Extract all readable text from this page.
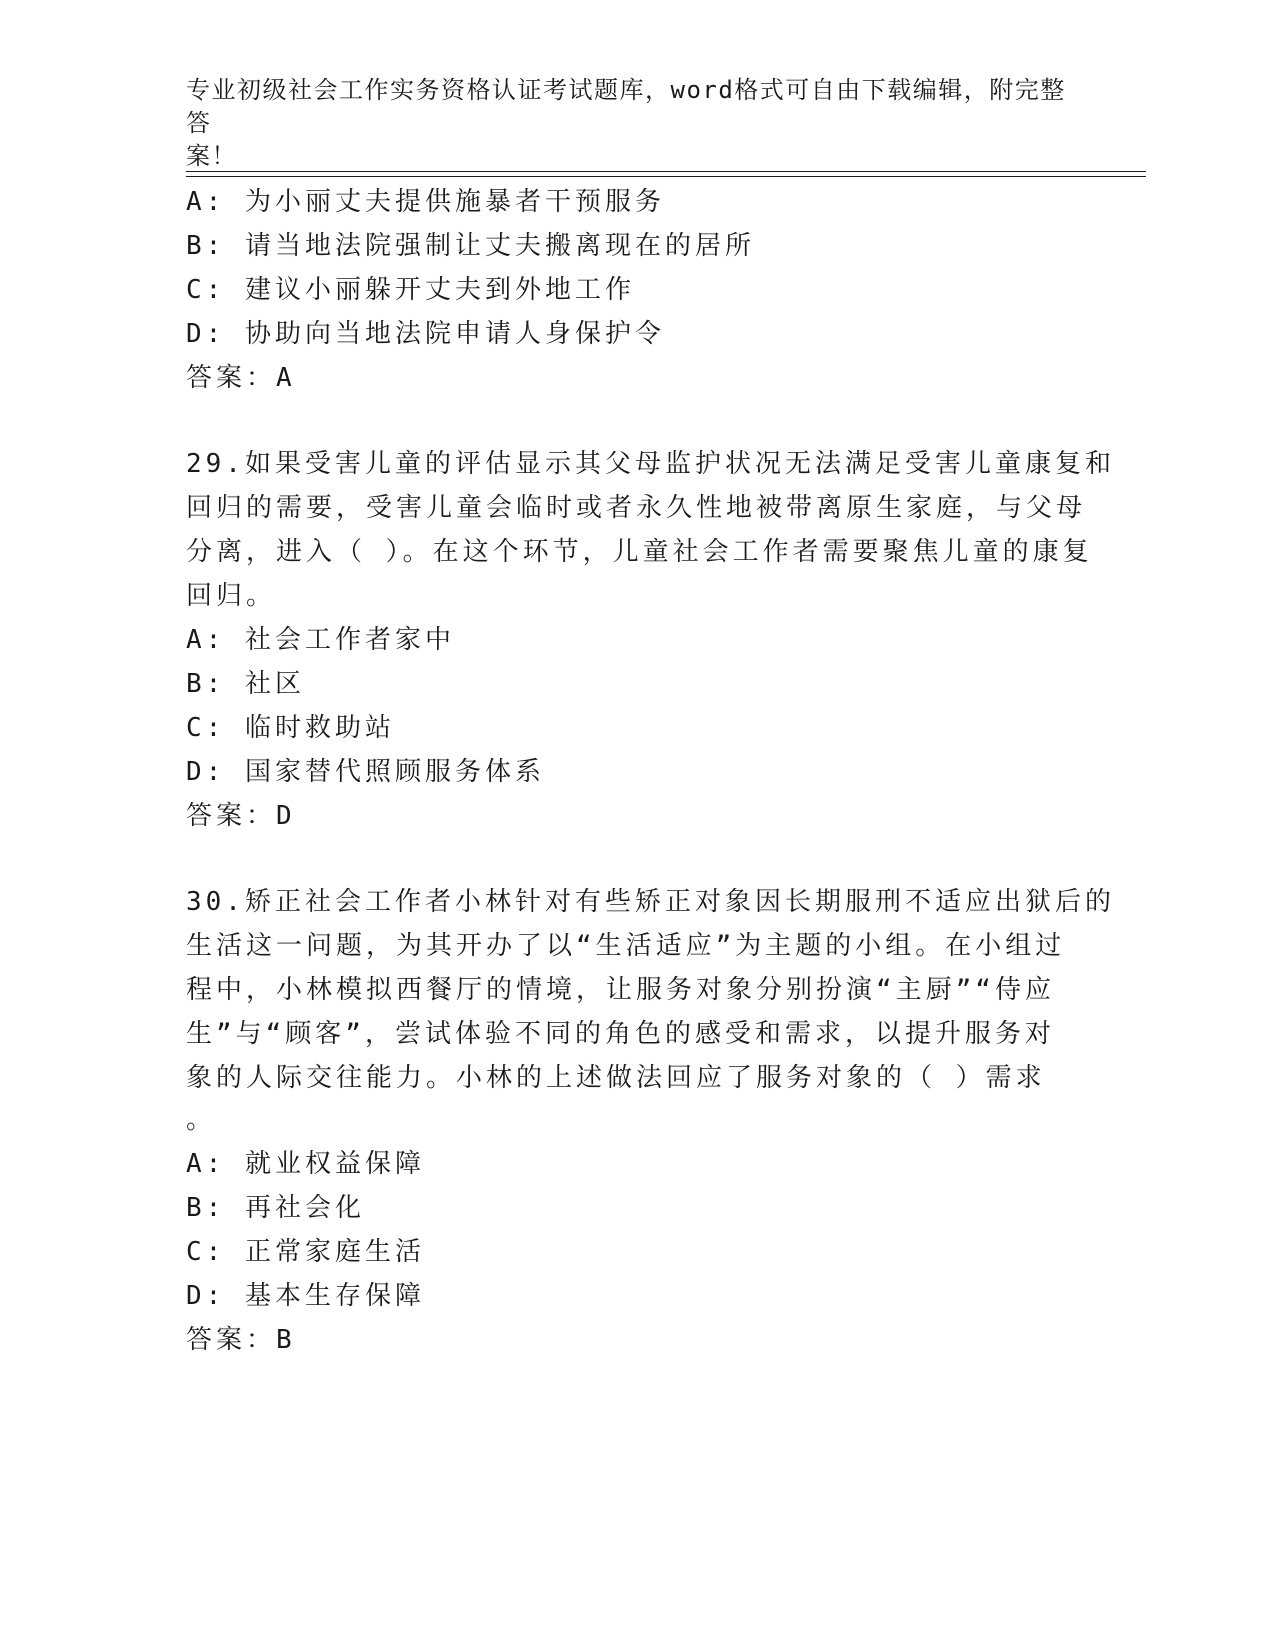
专业初级社会工作实务资格认证考试题库，word格式可自由下载编辑，附完整答
案！

A: 为小丽丈夫提供施暴者干预服务

B: 请当地法院强制让丈夫搬离现在的居所

C: 建议小丽躲开丈夫到外地工作

D: 协助向当地法院申请人身保护令

答案：A

29.如果受害儿童的评估显示其父母监护状况无法满足受害儿童康复和

回归的需要，受害儿童会临时或者永久性地被带离原生家庭，与父母

分离，进入（ ）。在这个环节，儿童社会工作者需要聚焦儿童的康复

回归。

A: 社会工作者家中

B: 社区

C: 临时救助站

D: 国家替代照顾服务体系

答案：D

30.矫正社会工作者小林针对有些矫正对象因长期服刑不适应出狱后的

生活这一问题，为其开办了以“生活适应”为主题的小组。在小组过

程中，小林模拟西餐厅的情境，让服务对象分别扮演“主厨”“侍应

生”与“顾客”，尝试体验不同的角色的感受和需求，以提升服务对

象的人际交往能力。小林的上述做法回应了服务对象的（ ）需求

。

A: 就业权益保障

B: 再社会化

C: 正常家庭生活

D: 基本生存保障

答案：B
